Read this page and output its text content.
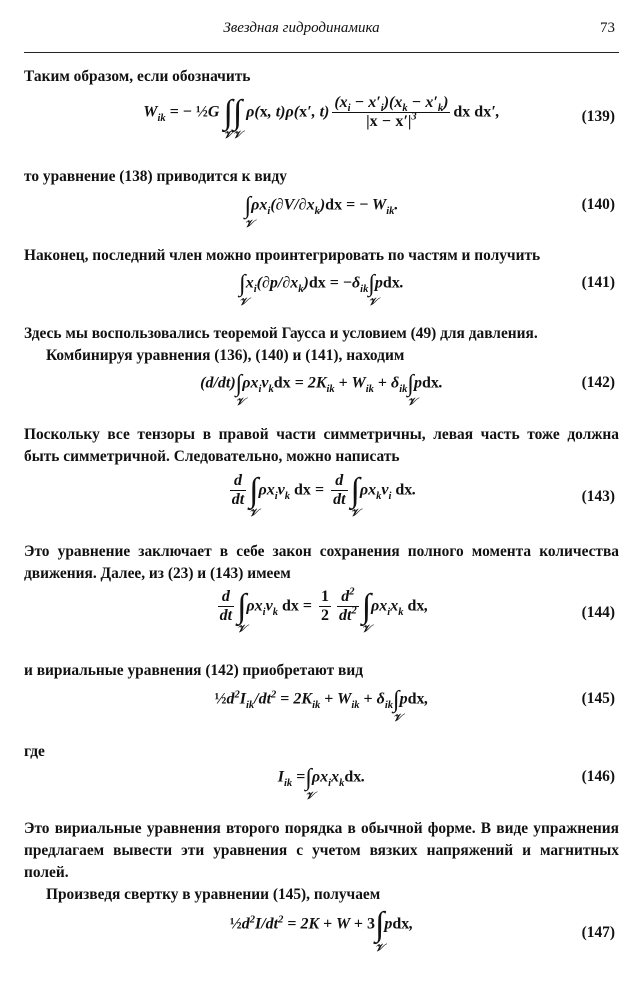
Звездная гидродинамика	73
Таким образом, если обозначить
$W_{ik}$ = − ½G ∫
𝒱
∫
𝒱
ρ(x, t)ρ(x′, $t) \frac{(x_i - x'_i)(x_k - x'_k)}{|x - x'|^3}$ dx dx′,	(139)
то уравнение (138) приводится к виду
∫
𝒱
$\rho x_i(\partial V/\partial x_k)dx$ = − $W_{ik}$.	(140)
Наконец, последний член можно проинтегрировать по частям и получить
∫
𝒱
$x_i(\partial p/\partial x_k)dx = -\delta_{ik}$ ∫
𝒱
pdx.	(141)
Здесь мы воспользовались теоремой Гаусса и условием (49) для давления.
Комбинируя уравнения (136), (140) и (141), находим
(d/dt) ∫
𝒱
$\rho x_iv_kdx = 2K_{ik} + W_{ik} + \delta_{ik}$ ∫
𝒱
pdx.	(142)
Поскольку все тензоры в правой части симметричны, левая часть тоже должна быть симметричной. Следовательно, можно написать
$\frac{d}{dt}$ ∫
𝒱
$\rho x_iv_k$ dx = $\frac{d}{dt}$ ∫
𝒱
$\rho x_kv_i$ dx.	(143)
Это уравнение заключает в себе закон сохранения полного момента количества движения. Далее, из (23) и (143) имеем
$\frac{d}{dt}$ ∫
𝒱
$\rho x_iv_k$ dx = $\frac{1}{2} \frac{d^2}{dt^2}$ ∫
𝒱
$\rho x_ix_k$ dx,	(144)
и вириальные уравнения (142) приобретают вид
$\frac{1}{2}d^2I_{ik}/dt^2 = 2K_{ik} + W_{ik} + \delta_{ik}$ ∫
𝒱
pdx,	(145)
где
$I_{ik}$ = ∫
𝒱
$\rho x_ix_kdx$.	(146)
Это вириальные уравнения второго порядка в обычной форме. В виде упражнения предлагаем вывести эти уравнения с учетом вязких напряжений и магнитных полей.
Произведя свертку в уравнении (145), получаем
$\frac{1}{2}d^2I/dt^2 = 2K + W + 3$ ∫
𝒱
pdx,	(147)
